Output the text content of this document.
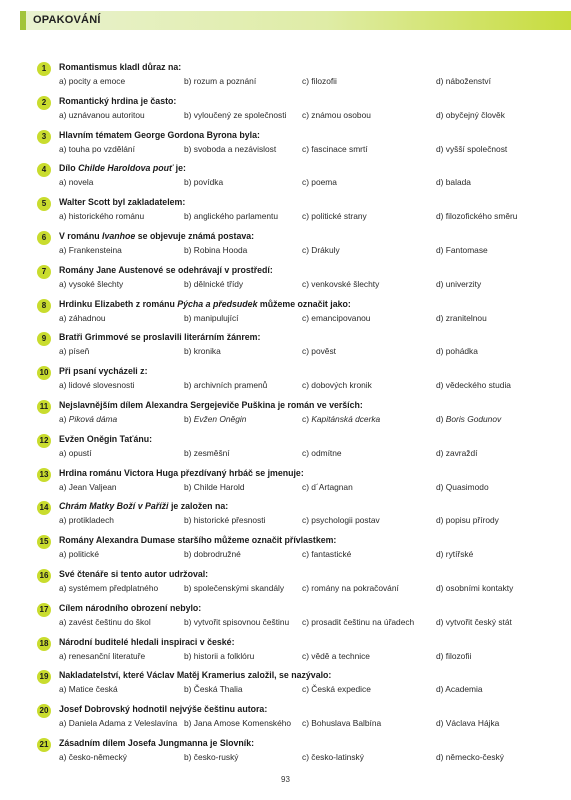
OPAKOVÁNÍ
1	Romantismus kladl důraz na:
a) pocity a emoce	b) rozum a poznání	c) filozofii	d) náboženství
2	Romantický hrdina je často:
a) uznávanou autoritou	b) vyloučený ze společnosti c) známou osobou	d) obyčejný člověk
3	Hlavním tématem George Gordona Byrona byla:
a) touha po vzdělání	b) svoboda a nezávislost	c) fascinace smrtí	d) vyšší společnost
4	Dílo Childe Haroldova pouť je:
a) novela	b) povídka	c) poema	d) balada
5	Walter Scott byl zakladatelem:
a) historického románu	b) anglického parlamentu	c) politické strany	d) filozofického směru
6	V románu Ivanhoe se objevuje známá postava:
a) Frankensteina	b) Robina Hooda	c) Drákuly	d) Fantomase
7	Romány Jane Austenové se odehrávají v prostředí:
a) vysoké šlechty	b) dělnické třídy	c) venkovské šlechty	d) univerzity
8	Hrdinku Elizabeth z románu Pýcha a předsudek můžeme označit jako:
a) záhadnou	b) manipulující	c) emancipovanou	d) zranitelnou
9	Bratři Grimmové se proslavili literárním žánrem:
a) píseň	b) kronika	c) pověst	d) pohádka
10 Při psaní vycházeli z:
a) lidové slovesnosti	b) archivních pramenů	c) dobových kronik	d) vědeckého studia
11	Nejslavnějším dílem Alexandra Sergejeviče Puškina je román ve verších:
a) Piková dáma	b) Evžen Oněgin	c) Kapitánská dcerka	d) Boris Godunov
12 Evžen Oněgin Taťánu:
a) opustí	b) zesměšní	c) odmítne	d) zavraždí
13 Hrdina románu Victora Huga přezdívaný hrbáč se jmenuje:
a) Jean Valjean	b) Childe Harold	c) d´Artagnan	d) Quasimodo
14 Chrám Matky Boží v Paříži je založen na:
a) protikladech	b) historické přesnosti	c) psychologii postav	d) popisu přírody
15 Romány Alexandra Dumase staršího můžeme označit přívlastkem:
a) politické	b) dobrodružné	c) fantastické	d) rytířské
16 Své čtenáře si tento autor udržoval:
a) systémem předplatného	b) společenskými skandály c) romány na pokračování	d) osobními kontakty
17 Cílem národního obrození nebylo:
a) zavést češtinu do škol	b) vytvořit spisovnou češtinu c) prosadit češtinu na úřadech	d) vytvořit český stát
18 Národní buditelé hledali inspiraci v české:
a) renesanční literatuře	b) historii a folklóru	c) vědě a technice	d) filozofii
19 Nakladatelství, které Václav Matěj Kramerius založil, se nazývalo:
a) Matice česká	b) Česká Thalia	c) Česká expedice	d) Academia
20 Josef Dobrovský hodnotil nejvýše češtinu autora:
a) Daniela Adama z Veleslavína b) Jana Amose Komenského c) Bohuslava Balbína	d) Václava Hájka
21 Zásadním dílem Josefa Jungmanna je Slovník:
a) česko-německý	b) česko-ruský	c) česko-latinský	d) německo-český
93
